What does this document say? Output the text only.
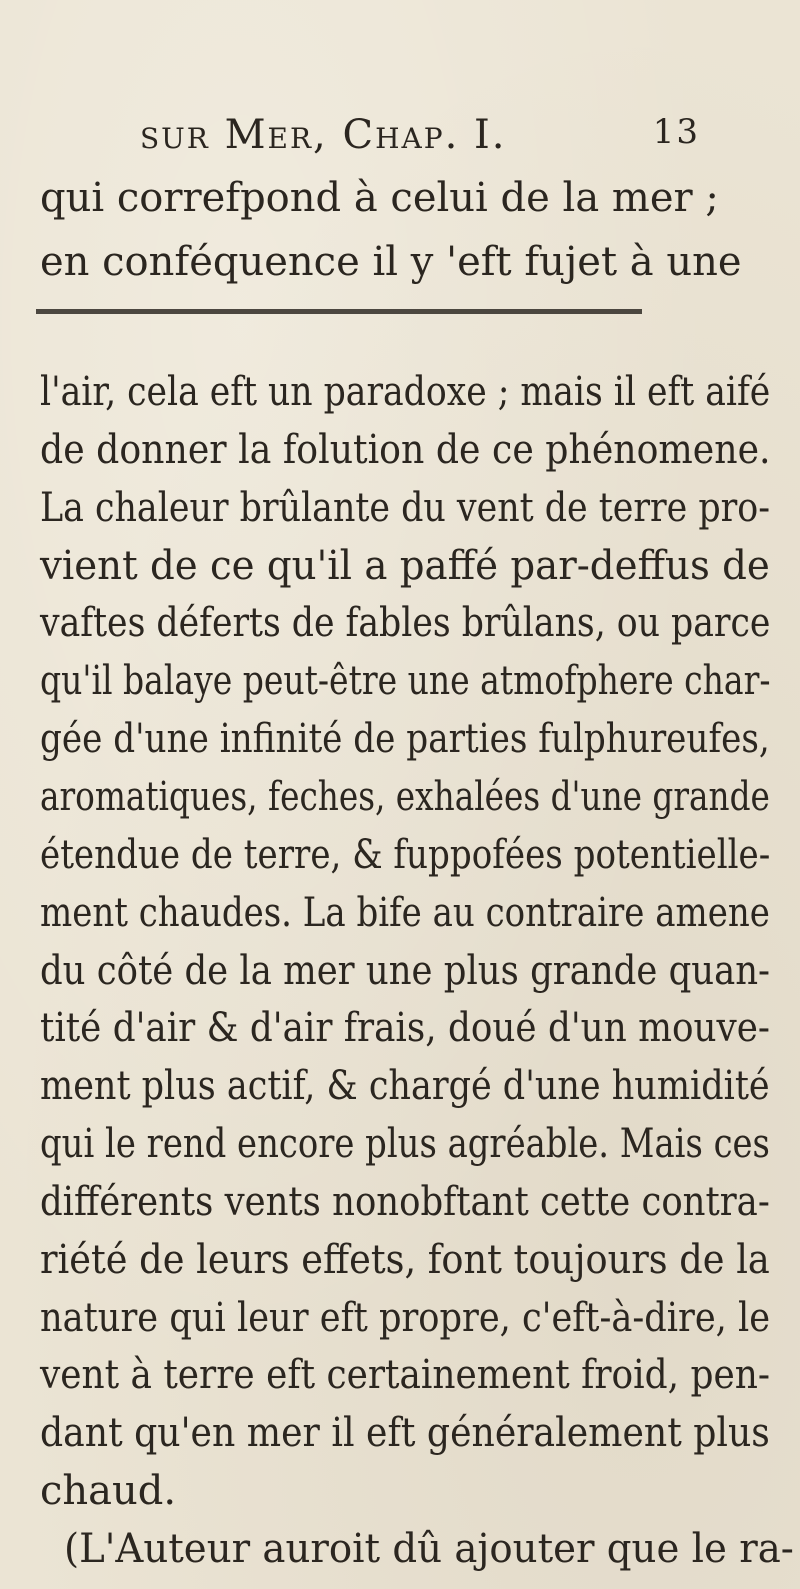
sur Mer, Chap. I.	13
qui correfpond à celui de la mer ;
en conféquence il y 'eft fujet à une
l'air, cela eft un paradoxe ; mais il eft aifé
de donner la folution de ce phénomene.
La chaleur brûlante du vent de terre pro-
vient de ce qu'il a paffé par-deffus de
vaftes déferts de fables brûlans, ou parce
qu'il balaye peut-être une atmofphere char-
gée d'une infinité de parties fulphureufes,
aromatiques, feches, exhalées d'une grande
étendue de terre, & fuppofées potentielle-
ment chaudes. La bife au contraire amene
du côté de la mer une plus grande quan-
tité d'air & d'air frais, doué d'un mouve-
ment plus actif, & chargé d'une humidité
qui le rend encore plus agréable. Mais ces
différents vents nonobftant cette contra-
riété de leurs effets, font toujours de la
nature qui leur eft propre, c'eft-à-dire, le
vent à terre eft certainement froid, pen-
dant qu'en mer il eft généralement plus
chaud.
(L'Auteur auroit dû ajouter que le ra-
